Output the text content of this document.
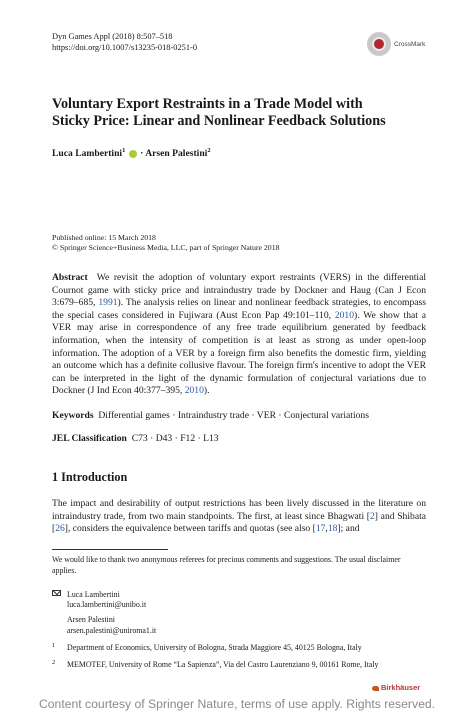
Dyn Games Appl (2018) 8:507–518
https://doi.org/10.1007/s13235-018-0251-0	CrossMark
Voluntary Export Restraints in a Trade Model with
Sticky Price: Linear and Nonlinear Feedback Solutions
Luca Lambertini$^1$ · Arsen Palestini$^2$
Published online: 15 March 2018
© Springer Science+Business Media, LLC, part of Springer Nature 2018
Abstract We revisit the adoption of voluntary export restraints (VERS) in the differential Cournot game with sticky price and intraindustry trade by Dockner and Haug (Can J Econ 3:679–685, 1991). The analysis relies on linear and nonlinear feedback strategies, to encompass the special cases considered in Fujiwara (Aust Econ Pap 49:101–110, 2010). We show that a VER may arise in correspondence of any free trade equilibrium generated by feedback information, when the intensity of competition is at least as strong as under open-loop information. The adoption of a VER by a foreign firm also benefits the domestic firm, yielding an outcome which has a definite collusive flavour. The foreign firm's incentive to adopt the VER can be interpreted in the light of the dynamic formulation of conjectural variations due to Dockner (J Ind Econ 40:377–395, 2010).
Keywords Differential games · Intraindustry trade · VER · Conjectural variations
JEL Classification C73 · D43 · F12 · L13
1 Introduction
The impact and desirability of output restrictions has been lively discussed in the literature on intraindustry trade, from two main standpoints. The first, at least since Bhagwati [2] and Shibata [26], considers the equivalence between tariffs and quotas (see also [17,18]; and
We would like to thank two anonymous referees for precious comments and suggestions. The usual disclaimer applies.
Luca Lambertini
luca.lambertini@unibo.it
Arsen Palestini
arsen.palestini@uniroma1.it
1 Department of Economics, University of Bologna, Strada Maggiore 45, 40125 Bologna, Italy
2 MEMOTEF, University of Rome “La Sapienza”, Via del Castro Laurenziano 9, 00161 Rome, Italy
Birkhäuser
Content courtesy of Springer Nature, terms of use apply. Rights reserved.
